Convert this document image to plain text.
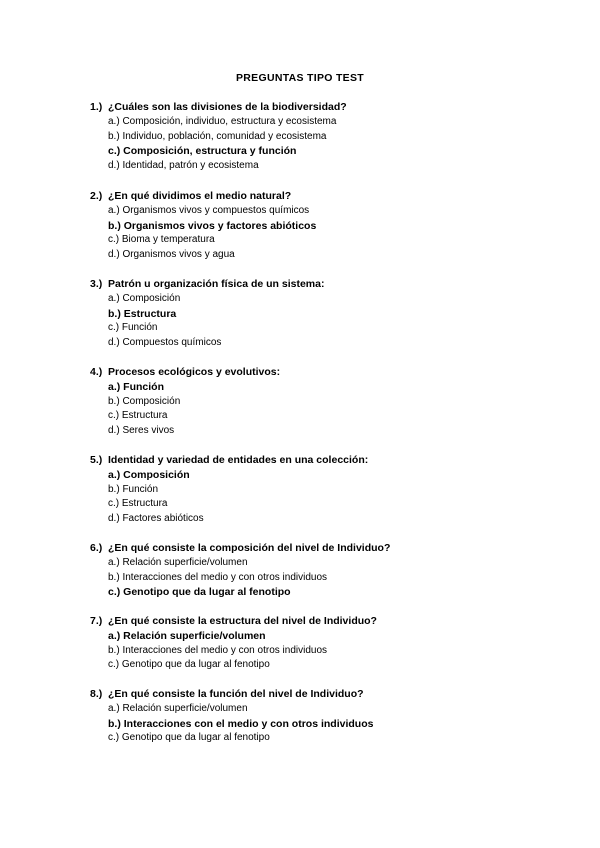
PREGUNTAS TIPO TEST
1.) ¿Cuáles son las divisiones de la biodiversidad?
a.) Composición, individuo, estructura y ecosistema
b.) Individuo, población, comunidad y ecosistema
c.) Composición, estructura y función
d.) Identidad, patrón y ecosistema
2.) ¿En qué dividimos el medio natural?
a.) Organismos vivos y compuestos químicos
b.) Organismos vivos y factores abióticos
c.) Bioma y temperatura
d.) Organismos vivos y agua
3.) Patrón u organización física de un sistema:
a.) Composición
b.) Estructura
c.) Función
d.) Compuestos químicos
4.) Procesos ecológicos y evolutivos:
a.) Función
b.) Composición
c.) Estructura
d.) Seres vivos
5.) Identidad y variedad de entidades en una colección:
a.) Composición
b.) Función
c.) Estructura
d.) Factores abióticos
6.) ¿En qué consiste la composición del nivel de Individuo?
a.) Relación superficie/volumen
b.) Interacciones del medio y con otros individuos
c.) Genotipo que da lugar al fenotipo
7.) ¿En qué consiste la estructura del nivel de Individuo?
a.) Relación superficie/volumen
b.) Interacciones del medio y con otros individuos
c.) Genotipo que da lugar al fenotipo
8.) ¿En qué consiste la función del nivel de Individuo?
a.) Relación superficie/volumen
b.) Interacciones con el medio y con otros individuos
c.) Genotipo que da lugar al fenotipo
